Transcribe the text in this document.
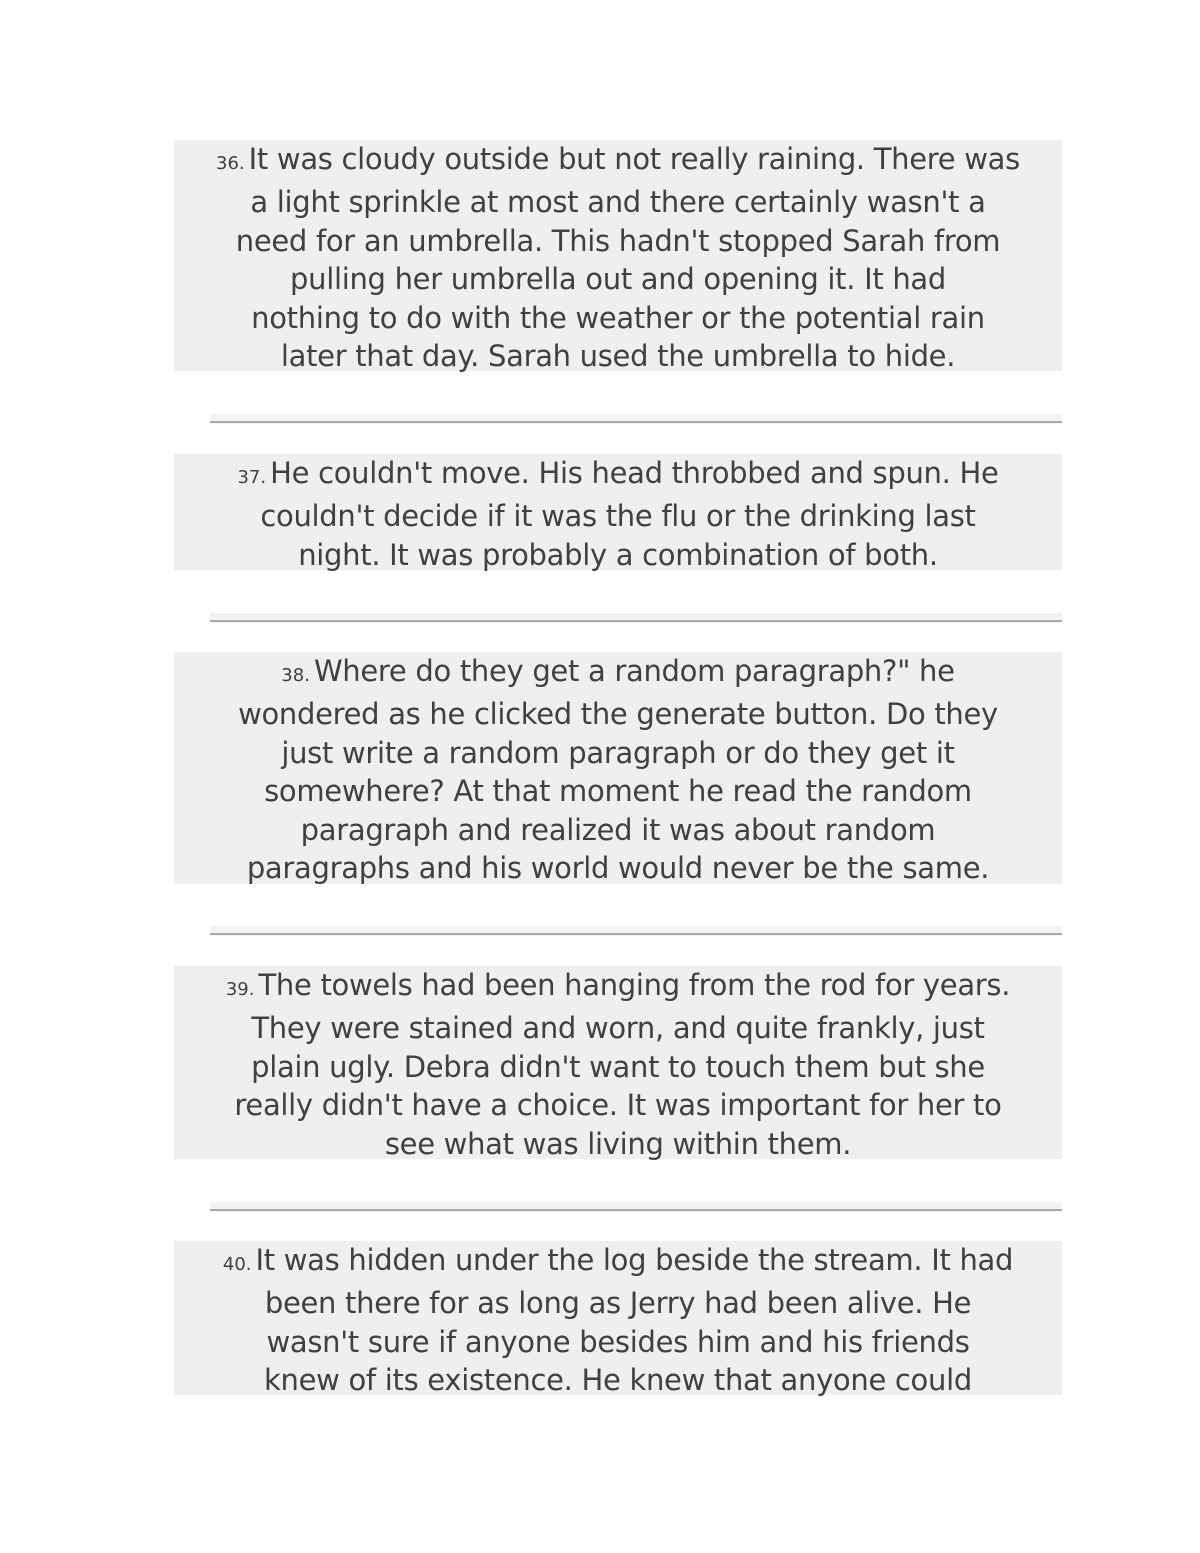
36. It was cloudy outside but not really raining. There was
a light sprinkle at most and there certainly wasn't a
need for an umbrella. This hadn't stopped Sarah from
pulling her umbrella out and opening it. It had
nothing to do with the weather or the potential rain
later that day. Sarah used the umbrella to hide.
37. He couldn't move. His head throbbed and spun. He
couldn't decide if it was the flu or the drinking last
night. It was probably a combination of both.
38. Where do they get a random paragraph?" he
wondered as he clicked the generate button. Do they
just write a random paragraph or do they get it
somewhere? At that moment he read the random
paragraph and realized it was about random
paragraphs and his world would never be the same.
39. The towels had been hanging from the rod for years.
They were stained and worn, and quite frankly, just
plain ugly. Debra didn't want to touch them but she
really didn't have a choice. It was important for her to
see what was living within them.
40. It was hidden under the log beside the stream. It had
been there for as long as Jerry had been alive. He
wasn't sure if anyone besides him and his friends
knew of its existence. He knew that anyone could
